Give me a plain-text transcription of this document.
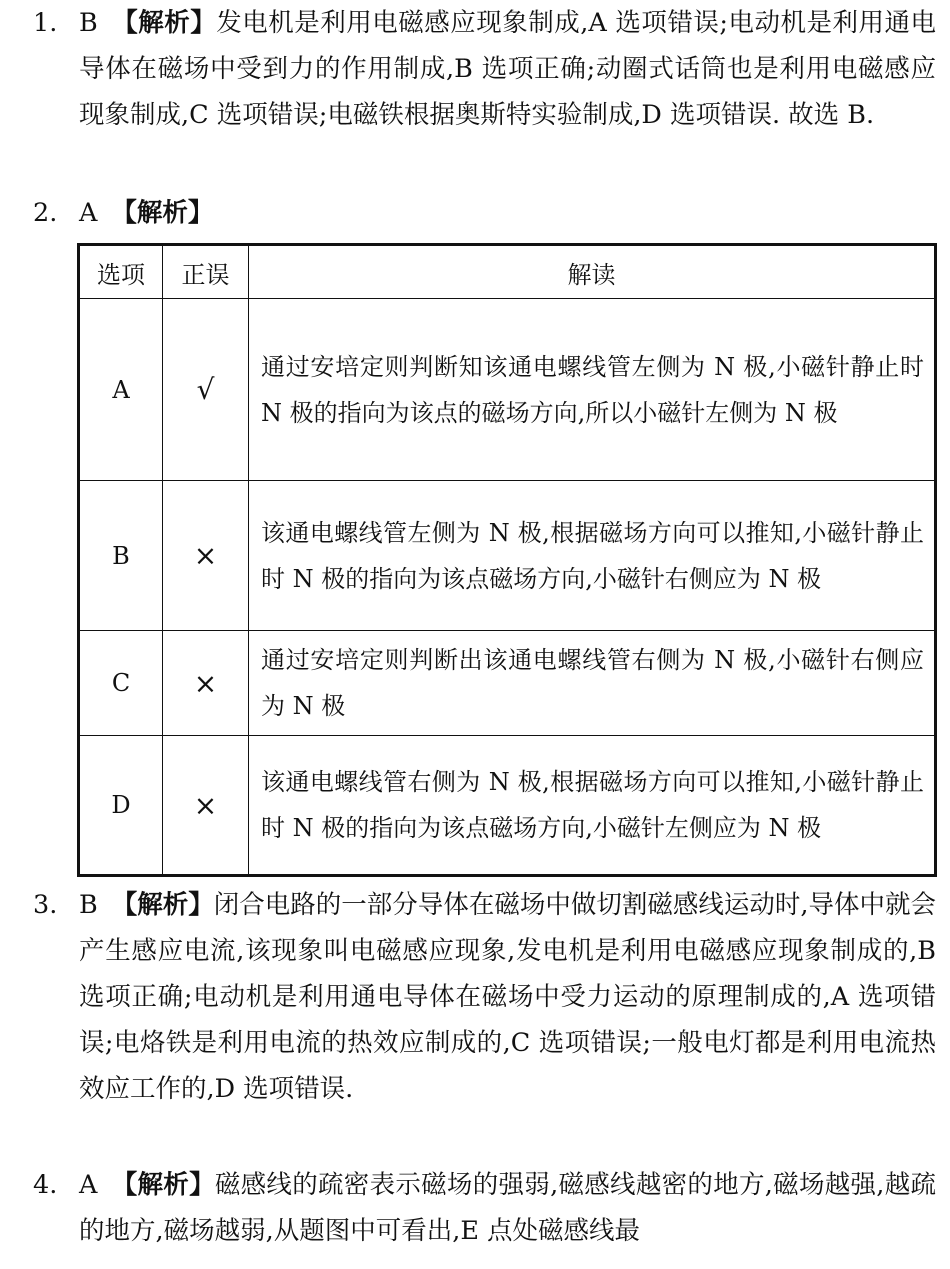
1. B 【解析】发电机是利用电磁感应现象制成,A 选项错误;电动机是利用通电导体在磁场中受到力的作用制成,B 选项正确;动圈式话筒也是利用电磁感应现象制成,C 选项错误;电磁铁根据奥斯特实验制成,D 选项错误. 故选 B.
2. A 【解析】
选项	正误	解读
A	√	通过安培定则判断知该通电螺线管左侧为 N 极,小磁针静止时 N 极的指向为该点的磁场方向,所以小磁针左侧为 N 极
B	×	该通电螺线管左侧为 N 极,根据磁场方向可以推知,小磁针静止时 N 极的指向为该点磁场方向,小磁针右侧应为 N 极
C	×	通过安培定则判断出该通电螺线管右侧为 N 极,小磁针右侧应为 N 极
D	×	该通电螺线管右侧为 N 极,根据磁场方向可以推知,小磁针静止时 N 极的指向为该点磁场方向,小磁针左侧应为 N 极
3. B 【解析】闭合电路的一部分导体在磁场中做切割磁感线运动时,导体中就会产生感应电流,该现象叫电磁感应现象,发电机是利用电磁感应现象制成的,B 选项正确;电动机是利用通电导体在磁场中受力运动的原理制成的,A 选项错误;电烙铁是利用电流的热效应制成的,C 选项错误;一般电灯都是利用电流热效应工作的,D 选项错误.
4. A 【解析】磁感线的疏密表示磁场的强弱,磁感线越密的地方,磁场越强,越疏的地方,磁场越弱,从题图中可看出,E 点处磁感线最
